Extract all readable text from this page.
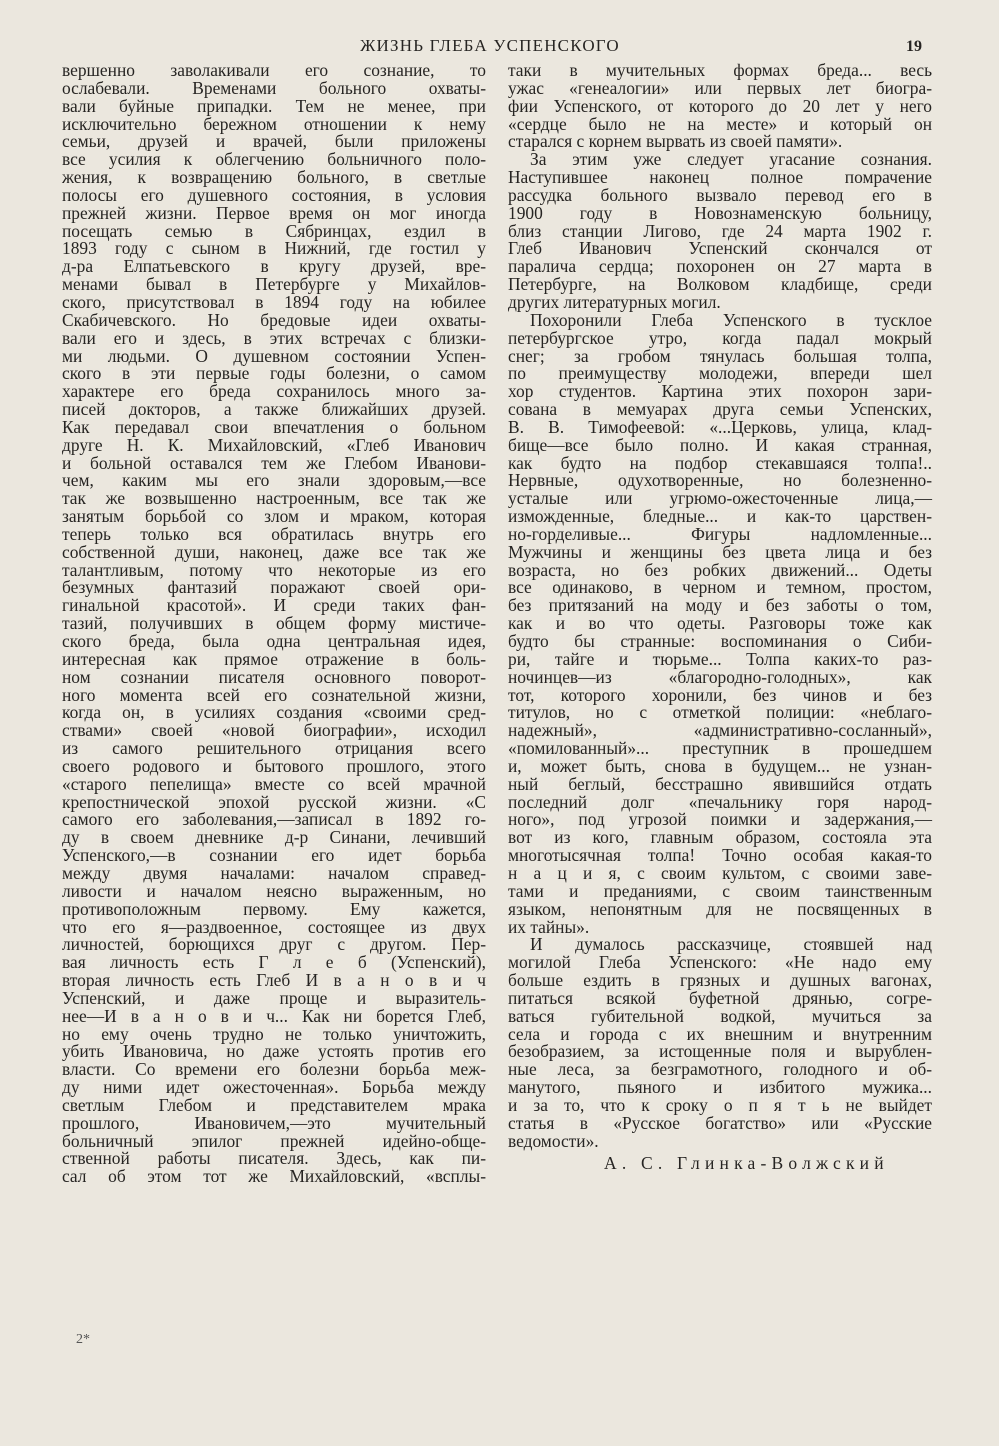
ЖИЗНЬ ГЛЕБА УСПЕНСКОГО	19
вершенно заволакивали его сознание, то
ослабевали. Временами больного охваты-
вали буйные припадки. Тем не менее, при
исключительно бережном отношении к нему
семьи, друзей и врачей, были приложены
все усилия к облегчению больничного поло-
жения, к возвращению больного, в светлые
полосы его душевного состояния, в условия
прежней жизни. Первое время он мог иногда
посещать семью в Сябринцах, ездил в
1893 году с сыном в Нижний, где гостил у
д-ра Елпатьевского в кругу друзей, вре-
менами бывал в Петербурге у Михайлов-
ского, присутствовал в 1894 году на юбилее
Скабичевского. Но бредовые идеи охваты-
вали его и здесь, в этих встречах с близки-
ми людьми. О душевном состоянии Успен-
ского в эти первые годы болезни, о самом
характере его бреда сохранилось много за-
писей докторов, а также ближайших друзей.
Как передавал свои впечатления о больном
друге Н. К. Михайловский, «Глеб Иванович
и больной оставался тем же Глебом Иванови-
чем, каким мы его знали здоровым,—все
так же возвышенно настроенным, все так же
занятым борьбой со злом и мраком, которая
теперь только вся обратилась внутрь его
собственной души, наконец, даже все так же
талантливым, потому что некоторые из его
безумных фантазий поражают своей ори-
гинальной красотой». И среди таких фан-
тазий, получивших в общем форму мистиче-
ского бреда, была одна центральная идея,
интересная как прямое отражение в боль-
ном сознании писателя основного поворот-
ного момента всей его сознательной жизни,
когда он, в усилиях создания «своими сред-
ствами» своей «новой биографии», исходил
из самого решительного отрицания всего
своего родового и бытового прошлого, этого
«старого пепелища» вместе со всей мрачной
крепостнической эпохой русской жизни. «С
самого его заболевания,—записал в 1892 го-
ду в своем дневнике д-р Синани, лечивший
Успенского,—в сознании его идет борьба
между двумя началами: началом справед-
ливости и началом неясно выраженным, но
противоположным первому. Ему кажется,
что его я—раздвоенное, состоящее из двух
личностей, борющихся друг с другом. Пер-
вая личность есть Г л е б (Успенский),
вторая личность есть Глеб И в а н о в и ч
Успенский, и даже проще и выразитель-
нее—И в а н о в и ч... Как ни борется Глеб,
но ему очень трудно не только уничтожить,
убить Ивановича, но даже устоять против его
власти. Со времени его болезни борьба меж-
ду ними идет ожесточенная». Борьба между
светлым Глебом и представителем мрака
прошлого, Ивановичем,—это мучительный
больничный эпилог прежней идейно-обще-
ственной работы писателя. Здесь, как пи-
сал об этом тот же Михайловский, «всплы-
таки в мучительных формах бреда... весь
ужас «генеалогии» или первых лет биогра-
фии Успенского, от которого до 20 лет у него
«сердце было не на месте» и который он
старался с корнем вырвать из своей памяти».
За этим уже следует угасание сознания.
Наступившее наконец полное помрачение
рассудка больного вызвало перевод его в
1900 году в Новознаменскую больницу,
близ станции Лигово, где 24 марта 1902 г.
Глеб Иванович Успенский скончался от
паралича сердца; похоронен он 27 марта в
Петербурге, на Волковом кладбище, среди
других литературных могил.
Похоронили Глеба Успенского в тусклое
петербургское утро, когда падал мокрый
снег; за гробом тянулась большая толпа,
по преимуществу молодежи, впереди шел
хор студентов. Картина этих похорон зари-
сована в мемуарах друга семьи Успенских,
В. В. Тимофеевой: «...Церковь, улица, клад-
бище—все было полно. И какая странная,
как будто на подбор стекавшаяся толпа!..
Нервные, одухотворенные, но болезненно-
усталые или угрюмо-ожесточенные лица,—
изможденные, бледные... и как-то царствен-
но-горделивые... Фигуры надломленные...
Мужчины и женщины без цвета лица и без
возраста, но без робких движений... Одеты
все одинаково, в черном и темном, простом,
без притязаний на моду и без заботы о том,
как и во что одеты. Разговоры тоже как
будто бы странные: воспоминания о Сиби-
ри, тайге и тюрьме... Толпа каких-то раз-
ночинцев—из «благородно-голодных», как
тот, которого хоронили, без чинов и без
титулов, но с отметкой полиции: «неблаго-
надежный», «административно-сосланный»,
«помилованный»... преступник в прошедшем
и, может быть, снова в будущем... не узнан-
ный беглый, бесстрашно явившийся отдать
последний долг «печальнику горя народ-
ного», под угрозой поимки и задержания,—
вот из кого, главным образом, состояла эта
многотысячная толпа! Точно особая какая-то
н а ц и я, с своим культом, с своими заве-
тами и преданиями, с своим таинственным
языком, непонятным для не посвященных в
их тайны».
И думалось рассказчице, стоявшей над
могилой Глеба Успенского: «Не надо ему
больше ездить в грязных и душных вагонах,
питаться всякой буфетной дрянью, согре-
ваться губительной водкой, мучиться за
села и города с их внешним и внутренним
безобразием, за истощенные поля и вырублен-
ные леса, за безграмотного, голодного и об-
манутого, пьяного и избитого мужика...
и за то, что к сроку о п я т ь не выйдет
статья в «Русское богатство» или «Русские
ведомости».
А. С. Глинка-Волжский
2*
